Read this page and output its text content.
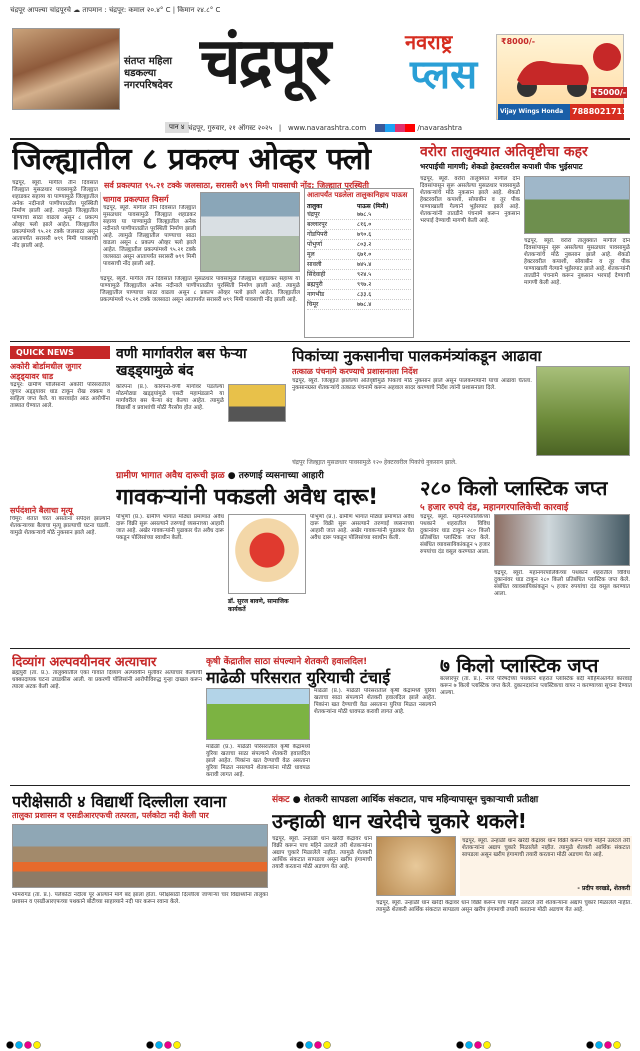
चंद्रपूर आपल्या चांद्रपूरचे ☁ तापमान : चंद्रपूर: कमाल २०.४° C | किमान २४.८° C
संतप्त महिला धडकल्या नगरपरिषदेवर चंद्रपूर	नवराष्ट्र
प्लस
₹8000/-
₹5000/-
Vijay Wings Honda	7888021711
पान ४ चंद्रपूर, गुरुवार, २१ ऑगस्ट २०२५   |   www.navarashtra.com	/navarashtra
जिल्ह्यातील ८ प्रकल्प ओव्हर फ्लो
सर्व प्रकल्पात ९५.२१ टक्के जलसाठा, सरासरी ७९९ मिमी पावसाची नोंद; जिल्ह्यात पूरस्थिती
चंद्रपूर, ब्यूरो. मागील तीन दिवसांत जिल्ह्यात मुसळधार पावसामुळे जिल्ह्यात शहाडकर सहाय्य या पाण्यामुळे जिल्ह्यातील अनेक नदीनाले पाणीपातळीत पूरस्थिती निर्माण झाली आहे. त्यामुळे जिल्ह्यातील पाण्याचा साठा वाढला असून ८ प्रकल्प ओव्हर फ्लो झाले आहेत. जिल्ह्यातील प्रकल्पांमध्ये ९५.२१ टक्के जलसाठा असून आतापर्यंत सरासरी ७९९ मिमी पावसाची नोंद झाली आहे.
चागाव प्रकल्पात विसर्ग
चंद्रपूर, ब्यूरो. मागील तीन दिवसांत जिल्ह्यात मुसळधार पावसामुळे जिल्ह्यात शहाडकर सहाय्य या पाण्यामुळे जिल्ह्यातील अनेक नदीनाले पाणीपातळीत पूरस्थिती निर्माण झाली आहे. त्यामुळे जिल्ह्यातील पाण्याचा साठा वाढला असून ८ प्रकल्प ओव्हर फ्लो झाले आहेत. जिल्ह्यातील प्रकल्पांमध्ये ९५.२१ टक्के जलसाठा असून आतापर्यंत सरासरी ७९९ मिमी पावसाची नोंद झाली आहे.
आतापर्यंत पडलेला तालुकानिहाय पाऊस
तालुका	पाऊस (मिमी)
चंद्रपूर	७७८.५
बल्लारपूर	८१६.०
गोंडपिपरी	७९०.६
पोंभुर्णा	८०३.२
मूल	६७१.०
सावली	७४५.४
सिंदेवाही	९२४.५
ब्रह्मपुरी	९९७.२
नागभीड	८३३.६
चिमूर	७७८.४
चंद्रपूर, ब्यूरो. मागील तीन दिवसांत जिल्ह्यात मुसळधार पावसामुळे जिल्ह्यात शहाडकर सहाय्य या पाण्यामुळे जिल्ह्यातील अनेक नदीनाले पाणीपातळीत पूरस्थिती निर्माण झाली आहे. त्यामुळे जिल्ह्यातील पाण्याचा साठा वाढला असून ८ प्रकल्प ओव्हर फ्लो झाले आहेत. जिल्ह्यातील प्रकल्पांमध्ये ९५.२१ टक्के जलसाठा असून आतापर्यंत सरासरी ७९९ मिमी पावसाची नोंद झाली आहे.
वरोरा तालुक्यात अतिवृष्टीचा कहर
भरपाईची मागणी; शेकडो हेक्टरवरील कपाशी पीक भुईसपाट
चंद्रपूर, ब्यूरो. वरोरा तालुक्यात मागील दोन दिवसांपासून सुरू असलेल्या मुसळधार पावसामुळे शेतकऱ्यांचे मोठे नुकसान झाले आहे. शेकडो हेक्टरवरील कपाशी, सोयाबीन व तूर पीक पाण्याखाली गेल्याने भुईसपाट झाले आहे. शेतकऱ्यांनी तातडीने पंचनामे करून नुकसान भरपाई देण्याची मागणी केली आहे.
चंद्रपूर, ब्यूरो. वरोरा तालुक्यात मागील दोन दिवसांपासून सुरू असलेल्या मुसळधार पावसामुळे शेतकऱ्यांचे मोठे नुकसान झाले आहे. शेकडो हेक्टरवरील कपाशी, सोयाबीन व तूर पीक पाण्याखाली गेल्याने भुईसपाट झाले आहे. शेतकऱ्यांनी तातडीने पंचनामे करून नुकसान भरपाई देण्याची मागणी केली आहे.
QUICK NEWS
अकोरी बोर्डामधील जुगार अड्ड्यावर धाड
चंद्रपूर: ग्रामीण पोलिसांनी अकोरी परिसरातील जुगार अड्ड्यावर धाड टाकून रोख रक्कम व साहित्य जप्त केले. या कारवाईत आठ आरोपींना ताब्यात घेण्यात आले.
सर्पदंशाने बैलाचा मृत्यू
चिमूर: शेतात चरत असताना सर्पदंश झाल्याने शेतकऱ्याच्या बैलाचा मृत्यू झाल्याची घटना घडली. यामुळे शेतकऱ्याचे मोठे नुकसान झाले आहे.
वणी मार्गावरील बस फेऱ्या खड्ड्यामुळे बंद
कोरपना (प्र.). कोरपना-वणी मार्गावर पडलेल्या मोठमोठ्या खड्ड्यांमुळे एसटी महामंडळाने या मार्गावरील बस फेऱ्या बंद केल्या आहेत. त्यामुळे विद्यार्थी व प्रवाशांची मोठी गैरसोय होत आहे.
पिकांच्या नुकसानीचा पालकमंत्र्यांकडून आढावा
तत्काळ पंचनामे करण्याचे प्रशासनाला निर्देश
चंद्रपूर, ब्यूरो. जिल्ह्यात झालेल्या अतिवृष्टीमुळे पिकांचे मोठे नुकसान झाले असून पालकमंत्र्यांनी याचा आढावा घेतला. नुकसानग्रस्त शेतकऱ्यांचे तत्काळ पंचनामे करून अहवाल सादर करण्याचे निर्देश त्यांनी प्रशासनाला दिले.
चंद्रपूर जिल्ह्यात मुसळधार पावसामुळे १२० हेक्टरवरील पिकांचे नुकसान झाले.
ग्रामीण भागात अवैध दारूची झळ ● तरुणाई व्यसनाच्या आहारी
गावकऱ्यांनी पकडली अवैध दारू!
पोंभुर्णा (प्र.). ग्रामीण भागात मोठ्या प्रमाणात अवैध दारू विक्री सुरू असल्याने तरुणाई व्यसनाच्या आहारी जात आहे. अखेर गावकऱ्यांनी पुढाकार घेत अवैध दारू पकडून पोलिसांच्या स्वाधीन केली.
पोंभुर्णा (प्र.). ग्रामीण भागात मोठ्या प्रमाणात अवैध दारू विक्री सुरू असल्याने तरुणाई व्यसनाच्या आहारी जात आहे. अखेर गावकऱ्यांनी पुढाकार घेत अवैध दारू पकडून पोलिसांच्या स्वाधीन केली.
डॉ. सुरज बावणे, सामाजिक कार्यकर्ते
२८० किलो प्लास्टिक जप्त
५ हजार रुपये दंड, महानगरपालिकेची कारवाई
चंद्रपूर, ब्यूरो. महानगरपालिकेच्या पथकाने शहरातील विविध दुकानांवर धाड टाकून २८० किलो प्रतिबंधित प्लास्टिक जप्त केले. संबंधित व्यावसायिकांकडून ५ हजार रुपयांचा दंड वसूल करण्यात आला.
चंद्रपूर, ब्यूरो. महानगरपालिकेच्या पथकाने शहरातील विविध दुकानांवर धाड टाकून २८० किलो प्रतिबंधित प्लास्टिक जप्त केले. संबंधित व्यावसायिकांकडून ५ हजार रुपयांचा दंड वसूल करण्यात आला.
दिव्यांग अल्पवयीनवर अत्याचार
ब्रह्मपुरी (ता. प्र.). तालुक्यातील एका गावात दिव्यांग अल्पवयीन मुलीवर अत्याचार केल्याची धक्कादायक घटना उघडकीस आली. या प्रकरणी पोलिसांनी आरोपीविरुद्ध गुन्हा दाखल करून त्याला अटक केली आहे.
कृषी केंद्रातील साठा संपल्याने शेतकरी हवालदिल!
माढेळी परिसरात युरियाची टंचाई
माढेळी (प्र.). माढेळी परिसरातील कृषी केंद्रांमध्ये युरिया खताचा साठा संपल्याने शेतकरी हवालदिल झाले आहेत. पिकांना खत देण्याची वेळ असताना युरिया मिळत नसल्याने शेतकऱ्यांना मोठी धावपळ करावी लागत आहे.
माढेळी (प्र.). माढेळी परिसरातील कृषी केंद्रांमध्ये युरिया खताचा साठा संपल्याने शेतकरी हवालदिल झाले आहेत. पिकांना खत देण्याची वेळ असताना युरिया मिळत नसल्याने शेतकऱ्यांना मोठी धावपळ करावी लागत आहे.
७ किलो प्लास्टिक जप्त
बल्लारपूर (ता. प्र.). नगर परिषदेच्या पथकाने शहरात प्लास्टिक बंदी मोहिमेअंतर्गत कारवाई करून ७ किलो प्लास्टिक जप्त केले. दुकानदारांना प्लास्टिकचा वापर न करण्याच्या सूचना देण्यात आल्या.
परीक्षेसाठी ४ विद्यार्थी दिल्लीला रवाना
तालुका प्रशासन व एसडीआरएफची तत्परता, पर्लकोटा नदी केली पार
भामरागड (ता. प्र.). पर्लकोटा नदीला पूर आल्याने मार्ग बंद झाला होता. परीक्षेसाठी दिल्लीला जाणाऱ्या चार विद्यार्थ्यांना तालुका प्रशासन व एसडीआरएफच्या पथकाने बोटीच्या साहाय्याने नदी पार करून रवाना केले.
संकट ● शेतकरी सापडला आर्थिक संकटात, पाच महिन्यापासून चुकाऱ्याची प्रतीक्षा
उन्हाळी धान खरेदीचे चुकारे थकले!
चंद्रपूर, ब्यूरो. उन्हाळी धान खरेदी केंद्रांवर धान विक्री करून पाच महिने उलटले तरी शेतकऱ्यांना अद्याप चुकारे मिळालेले नाहीत. त्यामुळे शेतकरी आर्थिक संकटात सापडला असून खरीप हंगामाची तयारी करताना मोठी अडचण येत आहे.
चंद्रपूर, ब्यूरो. उन्हाळी धान खरेदी केंद्रांवर धान विक्री करून पाच महिने उलटले तरी शेतकऱ्यांना अद्याप चुकारे मिळालेले नाहीत. त्यामुळे शेतकरी आर्थिक संकटात सापडला असून खरीप हंगामाची तयारी करताना मोठी अडचण येत आहे.
- प्रदीप वरखडे, शेतकरी
चंद्रपूर, ब्यूरो. उन्हाळी धान खरेदी केंद्रांवर धान विक्री करून पाच महिने उलटले तरी शेतकऱ्यांना अद्याप चुकारे मिळालेले नाहीत. त्यामुळे शेतकरी आर्थिक संकटात सापडला असून खरीप हंगामाची तयारी करताना मोठी अडचण येत आहे.
